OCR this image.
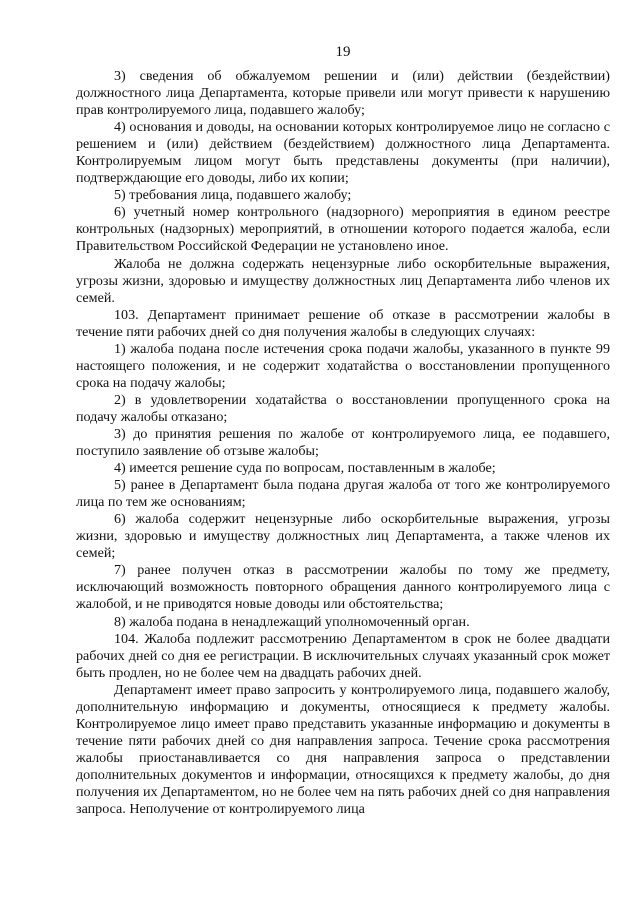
19

3) сведения об обжалуемом решении и (или) действии (бездействии) должностного лица Департамента, которые привели или могут привести к нарушению прав контролируемого лица, подавшего жалобу;

4) основания и доводы, на основании которых контролируемое лицо не согласно с решением и (или) действием (бездействием) должностного лица Департамента. Контролируемым лицом могут быть представлены документы (при наличии), подтверждающие его доводы, либо их копии;

5) требования лица, подавшего жалобу;

6) учетный номер контрольного (надзорного) мероприятия в едином реестре контрольных (надзорных) мероприятий, в отношении которого подается жалоба, если Правительством Российской Федерации не установлено иное.

Жалоба не должна содержать нецензурные либо оскорбительные выражения, угрозы жизни, здоровью и имуществу должностных лиц Департамента либо членов их семей.

103. Департамент принимает решение об отказе в рассмотрении жалобы в течение пяти рабочих дней со дня получения жалобы в следующих случаях:

1) жалоба подана после истечения срока подачи жалобы, указанного в пункте 99 настоящего положения, и не содержит ходатайства о восстановлении пропущенного срока на подачу жалобы;

2) в удовлетворении ходатайства о восстановлении пропущенного срока на подачу жалобы отказано;

3) до принятия решения по жалобе от контролируемого лица, ее подавшего, поступило заявление об отзыве жалобы;

4) имеется решение суда по вопросам, поставленным в жалобе;

5) ранее в Департамент была подана другая жалоба от того же контролируемого лица по тем же основаниям;

6) жалоба содержит нецензурные либо оскорбительные выражения, угрозы жизни, здоровью и имуществу должностных лиц Департамента, а также членов их семей;

7) ранее получен отказ в рассмотрении жалобы по тому же предмету, исключающий возможность повторного обращения данного контролируемого лица с жалобой, и не приводятся новые доводы или обстоятельства;

8) жалоба подана в ненадлежащий уполномоченный орган.

104. Жалоба подлежит рассмотрению Департаментом в срок не более двадцати рабочих дней со дня ее регистрации. В исключительных случаях указанный срок может быть продлен, но не более чем на двадцать рабочих дней.

Департамент имеет право запросить у контролируемого лица, подавшего жалобу, дополнительную информацию и документы, относящиеся к предмету жалобы. Контролируемое лицо имеет право представить указанные информацию и документы в течение пяти рабочих дней со дня направления запроса. Течение срока рассмотрения жалобы приостанавливается со дня направления запроса о представлении дополнительных документов и информации, относящихся к предмету жалобы, до дня получения их Департаментом, но не более чем на пять рабочих дней со дня направления запроса. Неполучение от контролируемого лица
